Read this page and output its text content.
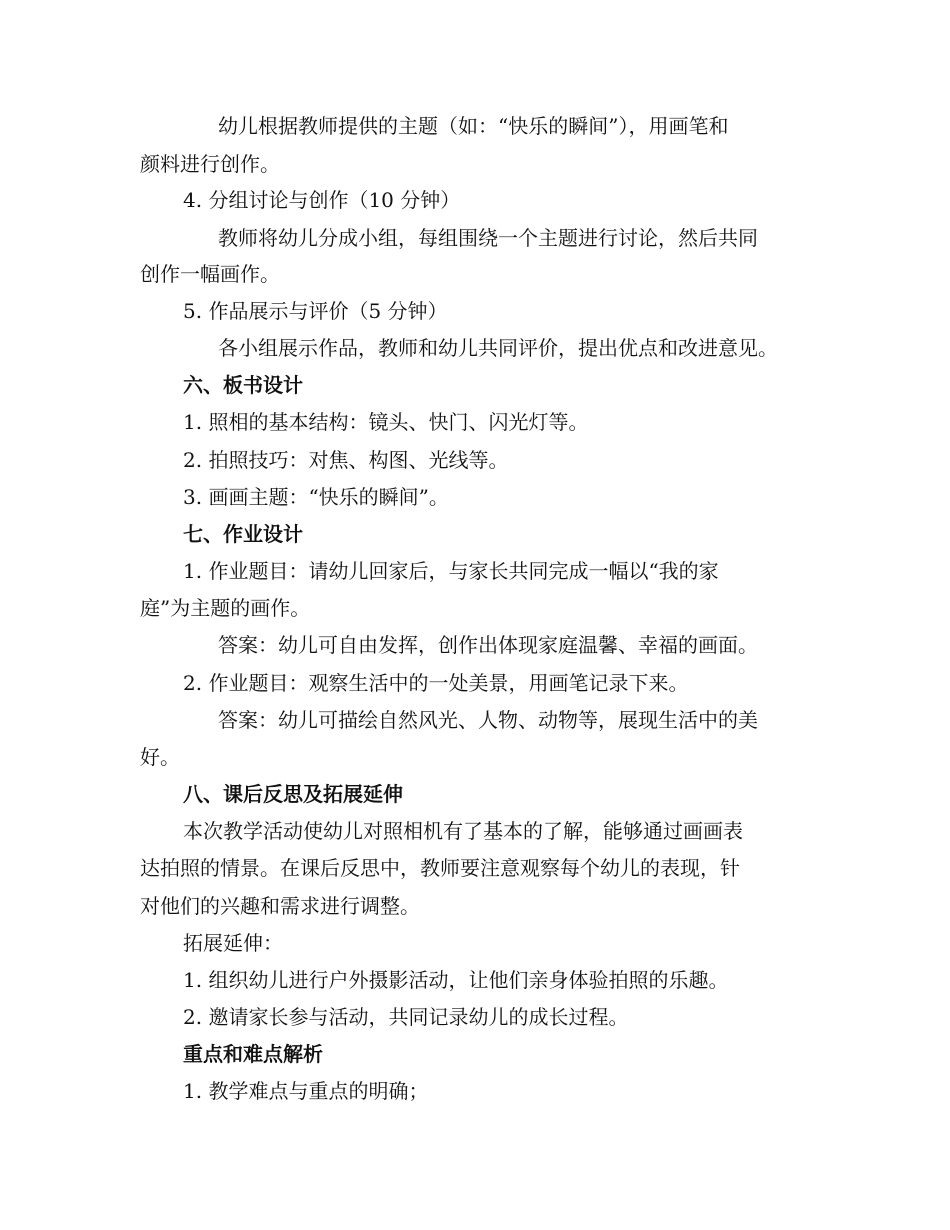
幼儿根据教师提供的主题（如：“快乐的瞬间”），用画笔和
颜料进行创作。
4. 分组讨论与创作（10 分钟）
教师将幼儿分成小组，每组围绕一个主题进行讨论，然后共同
创作一幅画作。
5. 作品展示与评价（5 分钟）
各小组展示作品，教师和幼儿共同评价，提出优点和改进意见。
六、板书设计
1. 照相的基本结构：镜头、快门、闪光灯等。
2. 拍照技巧：对焦、构图、光线等。
3. 画画主题：“快乐的瞬间”。
七、作业设计
1. 作业题目：请幼儿回家后，与家长共同完成一幅以“我的家
庭”为主题的画作。
答案：幼儿可自由发挥，创作出体现家庭温馨、幸福的画面。
2. 作业题目：观察生活中的一处美景，用画笔记录下来。
答案：幼儿可描绘自然风光、人物、动物等，展现生活中的美
好。
八、课后反思及拓展延伸
本次教学活动使幼儿对照相机有了基本的了解，能够通过画画表
达拍照的情景。在课后反思中，教师要注意观察每个幼儿的表现，针
对他们的兴趣和需求进行调整。
拓展延伸：
1. 组织幼儿进行户外摄影活动，让他们亲身体验拍照的乐趣。
2. 邀请家长参与活动，共同记录幼儿的成长过程。
重点和难点解析
1. 教学难点与重点的明确；
